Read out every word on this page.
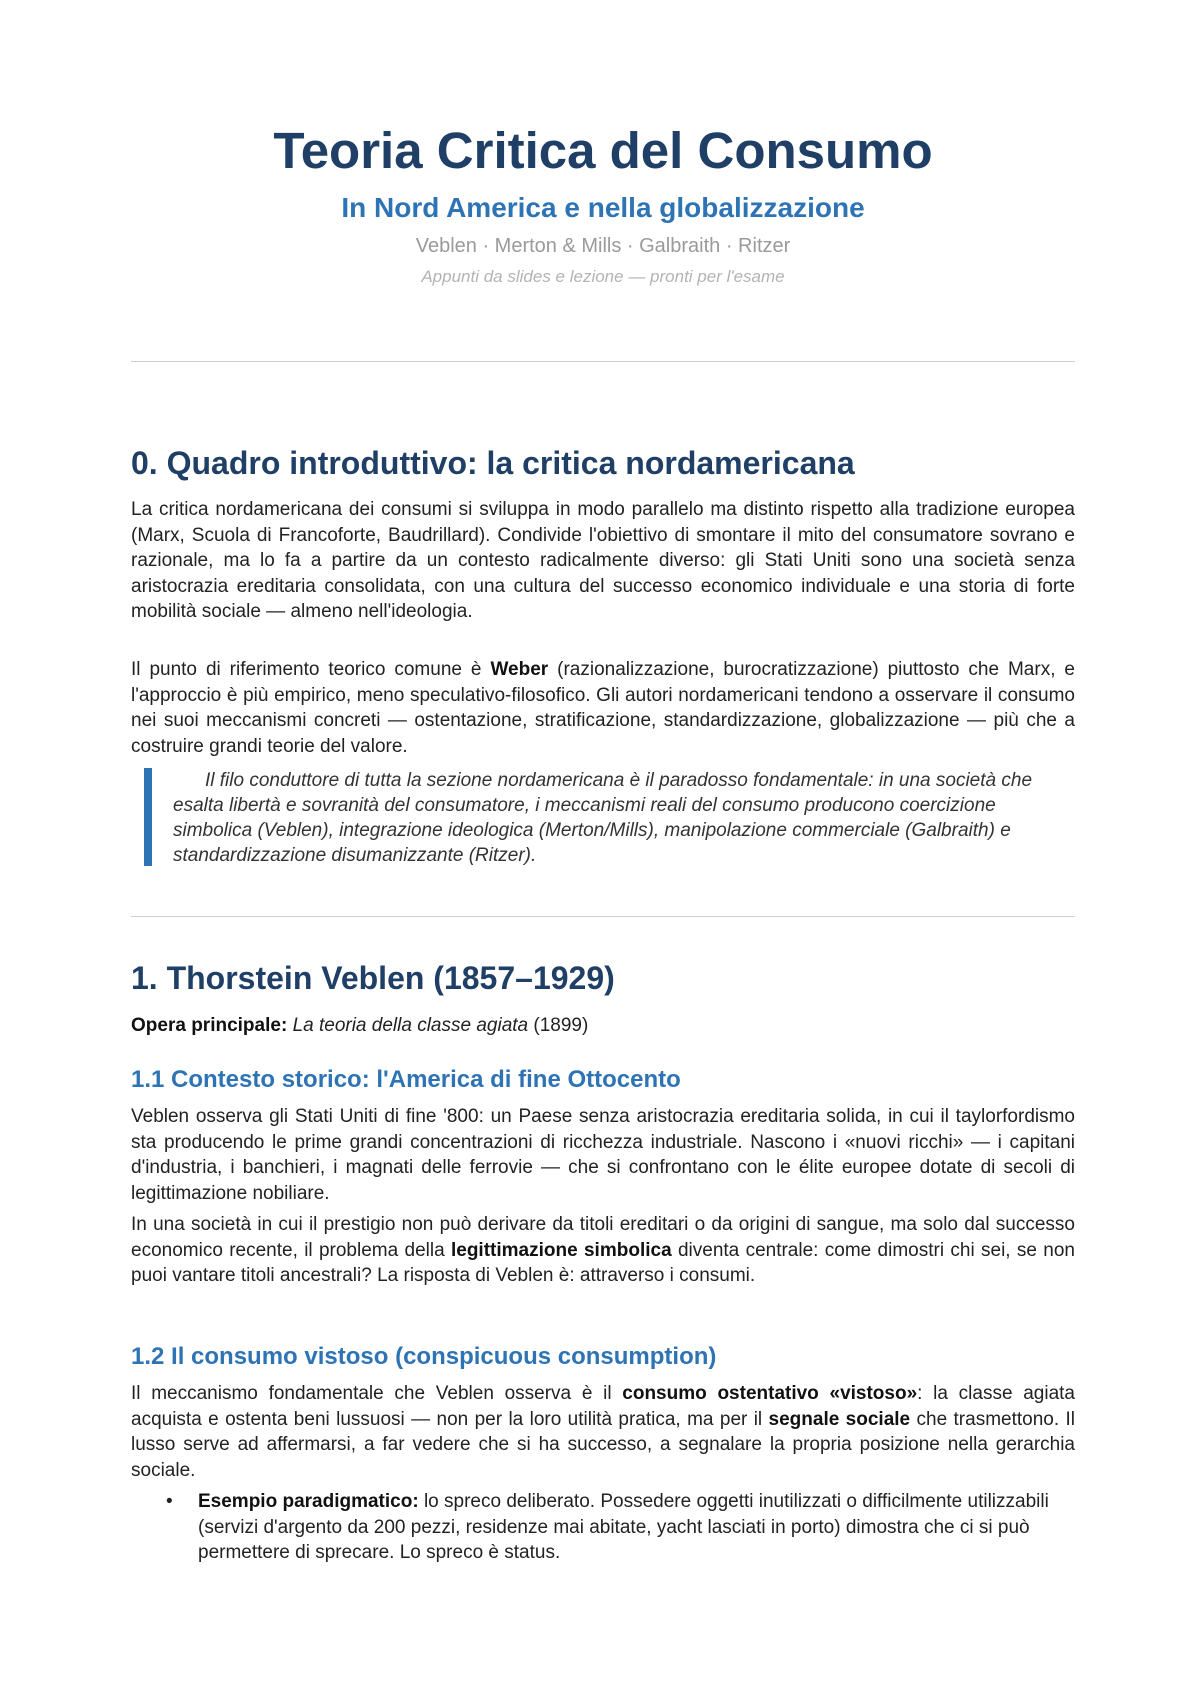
Teoria Critica del Consumo
In Nord America e nella globalizzazione
Veblen · Merton & Mills · Galbraith · Ritzer
Appunti da slides e lezione — pronti per l'esame
0. Quadro introduttivo: la critica nordamericana

La critica nordamericana dei consumi si sviluppa in modo parallelo ma distinto rispetto alla tradizione europea (Marx, Scuola di Francoforte, Baudrillard). Condivide l'obiettivo di smontare il mito del consumatore sovrano e razionale, ma lo fa a partire da un contesto radicalmente diverso: gli Stati Uniti sono una società senza aristocrazia ereditaria consolidata, con una cultura del successo economico individuale e una storia di forte mobilità sociale — almeno nell'ideologia.

Il punto di riferimento teorico comune è Weber (razionalizzazione, burocratizzazione) piuttosto che Marx, e l'approccio è più empirico, meno speculativo-filosofico. Gli autori nordamericani tendono a osservare il consumo nei suoi meccanismi concreti — ostentazione, stratificazione, standardizzazione, globalizzazione — più che a costruire grandi teorie del valore.

Il filo conduttore di tutta la sezione nordamericana è il paradosso fondamentale: in una società che esalta libertà e sovranità del consumatore, i meccanismi reali del consumo producono coercizione simbolica (Veblen), integrazione ideologica (Merton/Mills), manipolazione commerciale (Galbraith) e standardizzazione disumanizzante (Ritzer).

1. Thorstein Veblen (1857–1929)

Opera principale: La teoria della classe agiata (1899)

1.1 Contesto storico: l'America di fine Ottocento

Veblen osserva gli Stati Uniti di fine '800: un Paese senza aristocrazia ereditaria solida, in cui il taylorfordismo sta producendo le prime grandi concentrazioni di ricchezza industriale. Nascono i «nuovi ricchi» — i capitani d'industria, i banchieri, i magnati delle ferrovie — che si confrontano con le élite europee dotate di secoli di legittimazione nobiliare.

In una società in cui il prestigio non può derivare da titoli ereditari o da origini di sangue, ma solo dal successo economico recente, il problema della legittimazione simbolica diventa centrale: come dimostri chi sei, se non puoi vantare titoli ancestrali? La risposta di Veblen è: attraverso i consumi.

1.2 Il consumo vistoso (conspicuous consumption)

Il meccanismo fondamentale che Veblen osserva è il consumo ostentativo «vistoso»: la classe agiata acquista e ostenta beni lussuosi — non per la loro utilità pratica, ma per il segnale sociale che trasmettono. Il lusso serve ad affermarsi, a far vedere che si ha successo, a segnalare la propria posizione nella gerarchia sociale.

• Esempio paradigmatico: lo spreco deliberato. Possedere oggetti inutilizzati o difficilmente utilizzabili (servizi d'argento da 200 pezzi, residenze mai abitate, yacht lasciati in porto) dimostra che ci si può permettere di sprecare. Lo spreco è status.
